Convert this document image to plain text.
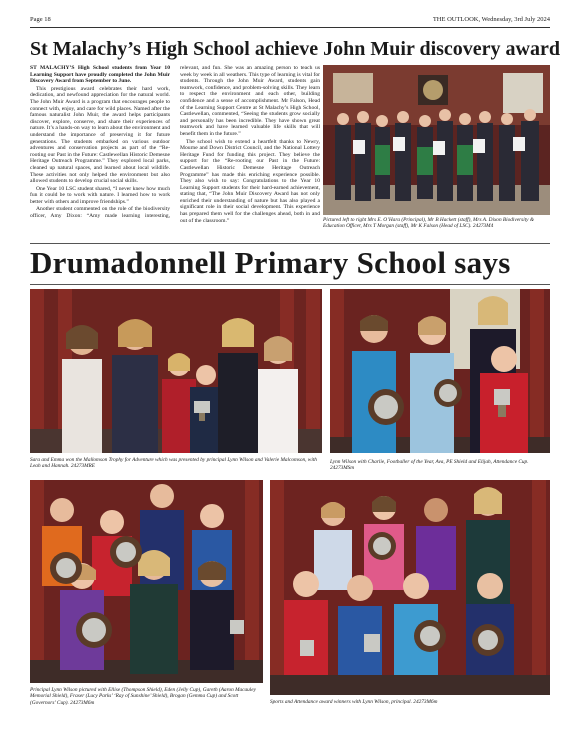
Page 18	THE OUTLOOK, Wednesday, 3rd July 2024
St Malachy’s High School achieve John Muir discovery award

ST MALACHY’S High School students from Year 10 Learning Support have proudly completed the John Muir Discovery Award from September to June.

This prestigious award celebrates their hard work, dedication, and newfound appreciation for the natural world. The John Muir Award is a program that encourages people to connect with, enjoy, and care for wild places. Named after the famous naturalist John Muir, the award helps participants discover, explore, conserve, and share their experiences of nature. It’s a hands-on way to learn about the environment and understand the importance of preserving it for future generations. The students embarked on various outdoor adventures and conservation projects as part of the “Re-rooting our Past in the Future: Castlewellan Historic Demesne Heritage Outreach Programme.” They explored local parks, cleaned up natural spaces, and learned about local wildlife. These activities not only helped the environment but also allowed students to develop crucial social skills.

One Year 10 LSC student shared, “I never knew how much fun it could be to work with nature. I learned how to work better with others and improve friendships.”

Another student commented on the role of the biodiversity officer, Amy Dixon: “Amy made learning interesting, relevant, and fun. She was an amazing person to teach us week by week in all weathers. This type of learning is vital for students. Through the John Muir Award, students gain teamwork, confidence, and problem-solving skills. They learn to respect the environment and each other, building confidence and a sense of accomplishment. Mr Falson, Head of the Learning Support Centre at St Malachy’s High School, Castlewellan, commented, “Seeing the students grow socially and personally has been incredible. They have shown great teamwork and have learned valuable life skills that will benefit them in the future.”

The school wish to extend a heartfelt thanks to Newry, Mourne and Down District Council, and the National Lottery Heritage Fund for funding this project. They believe the support for the “Re-rooting our Past in the Future: Castlewellan Historic Demesne Heritage Outreach Programme” has made this enriching experience possible. They also wish to say: Congratulations to the Year 10 Learning Support students for their hard-earned achievement, stating that, “The John Muir Discovery Award has not only enriched their understanding of nature but has also played a significant role in their social development. This experience has prepared them well for the challenges ahead, both in and out of the classroom.”	Pictured left to right Mrs E. O’Hara (Principal), Mr B Hackett (staff), Mrs A. Dixon Biodiversity & Education Officer, Mrs T Morgan (staff), Mr K Falson (Head of LSC). 24273M4
Drumadonnell Primary School says
Sara and Emma won the Mallomson Trophy for Adventure which was presented by principal Lynn Wilson and Valerie Malcomson, with Leah and Hannah. 24273MRE
Lynn Wilson with Charlie, Footballer of the Year, Ava, PE Shield and Elijah, Attendance Cup. 24273MSm
Principal Lynn Wilson pictured with Ellise (Thompson Shield), Eden (Jelly Cup), Gareth (Aaron Macauley Memorial Shield), Fraser (Lucy Parks’ ‘Ray of Sunshine’ Shield), Brogan (Gemma Cup) and Scott (Governors’ Cup). 24273M6m	Sports and Attendance award winners with Lynn Wilson, principal. 24273M6m
